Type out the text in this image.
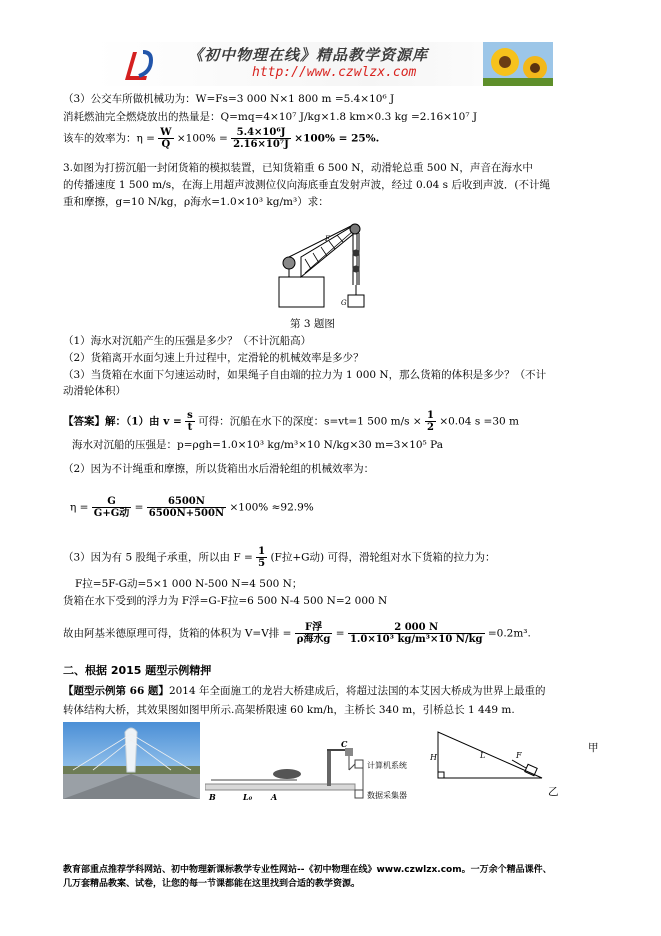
《初中物理在线》精品教学资源库
http://www.czwlzx.com
（3）公交车所做机械功为：W=Fs=3 000 N×1 800 m =5.4×10⁶ J
消耗燃油完全燃烧放出的热量是：Q=mq=4×10⁷ J/kg×1.8 km×0.3 kg =2.16×10⁷ J
该车的效率为：$\eta = \frac{W}{Q} \times 100\% = \frac{\text{5.4×10⁶J}}{\text{2.16×10⁷J}} \times 100\% = 25\%$.
3.如图为打捞沉船一封闭货箱的模拟装置，已知货箱重 6 500 N，动滑轮总重 500 N，声音在海水中
的传播速度 1 500 m/s，在海上用超声波测位仪向海底垂直发射声波，经过 0.04 s 后收到声波．(不计绳
重和摩擦，g=10 N/kg，ρ海水=1.0×10³ kg/m³）求：
F
G
第 3 题图
（1）海水对沉船产生的压强是多少？（不计沉船高）
（2）货箱离开水面匀速上升过程中，定滑轮的机械效率是多少？
（3）当货箱在水面下匀速运动时，如果绳子自由端的拉力为 1 000 N，那么货箱的体积是多少？（不计
动滑轮体积）
【答案】解：（1）由 $v = \frac{s}{t}$ 可得：沉船在水下的深度：s=vt=1 500 $m/s \times \frac{1}{2} \times 0.04$ s =30 m
海水对沉船的压强是：p=ρgh=1.0×10³ kg/m³×10 N/kg×30 m=3×10⁵ Pa
（2）因为不计绳重和摩擦，所以货箱出水后滑轮组的机械效率为：
$\eta = \frac{G}{\text{G+G动}} = \frac{6500N}{6500N+500N} \times 100\% \approx 92.9\%$
（3）因为有 5 股绳子承重，所以由 $F = \frac{1}{5} (F$拉+G动) 可得，滑轮组对水下货箱的拉力为：
F拉=5F-G动=5×1 000 N-500 N=4 500 N；
货箱在水下受到的浮力为 F浮=G-F拉=6 500 N-4 500 N=2 000 N
故由阿基米德原理可得，货箱的体积为 V=V排 = $\frac{\text{F浮}}{\text{ρ海水g}} = \frac{2 000 N}{\text{1.0×10³ kg/m³×10 N/kg}} =0.2m^3$.
二、根据 2015 题型示例精押
【题型示例第 66 题】2014 年全面施工的龙岩大桥建成后，将超过法国的本艾因大桥成为世界上最重的
转体结构大桥，其效果图如图甲所示.高架桥限速 60 km/h，主桥长 340 m，引桥总长 1 449 m.
C
B	A
L₀
计算机系统
数据采集器
H	L	F
甲
乙
教育部重点推荐学科网站、初中物理新课标教学专业性网站--《初中物理在线》www.czwlzx.com。一万余个精品课件、
几万套精品教案、试卷，让您的每一节课都能在这里找到合适的教学资源。
